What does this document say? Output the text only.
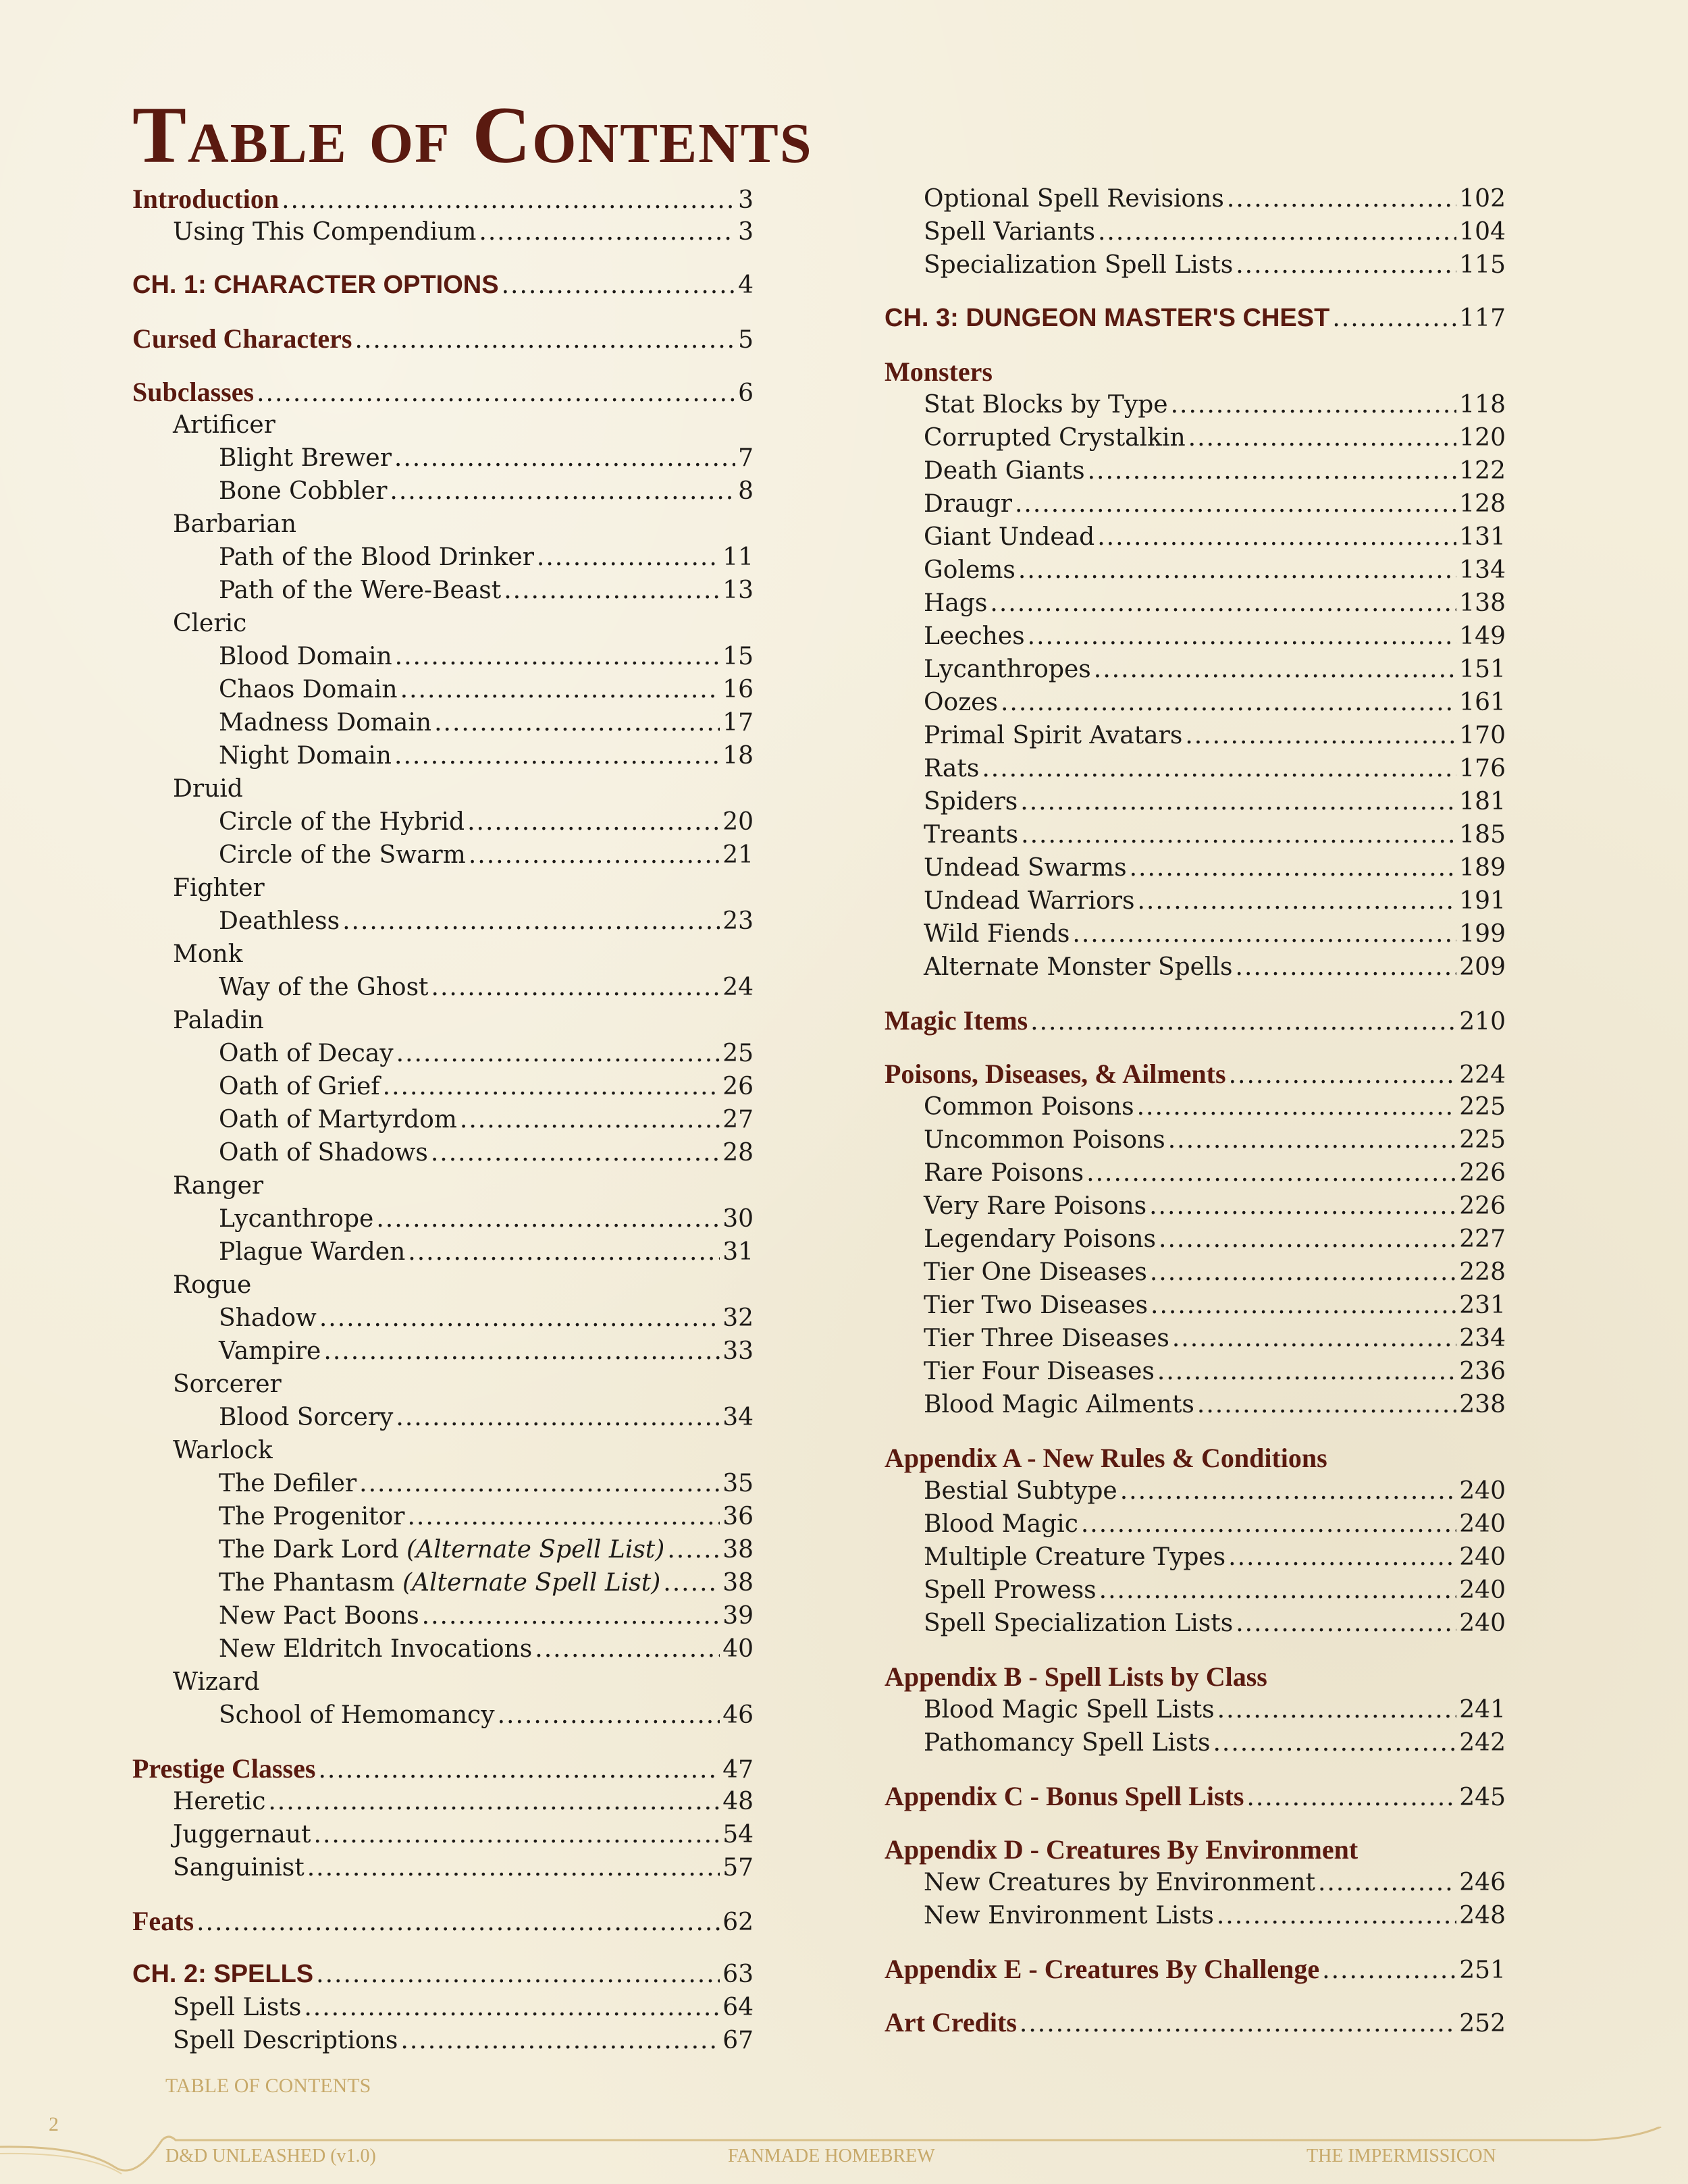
Table of Contents
Introduction .....	3
Using This Compendium .....	3
CH. 1: CHARACTER OPTIONS .....	4
Cursed Characters .....	5
Subclasses .....	6
Artificer
Blight Brewer .....	7
Bone Cobbler .....	8
Barbarian
Path of the Blood Drinker .....	11
Path of the Were-Beast .....	13
Cleric
Blood Domain .....	15
Chaos Domain .....	16
Madness Domain .....	17
Night Domain .....	18
Druid
Circle of the Hybrid .....	20
Circle of the Swarm .....	21
Fighter
Deathless .....	23
Monk
Way of the Ghost .....	24
Paladin
Oath of Decay .....	25
Oath of Grief .....	26
Oath of Martyrdom .....	27
Oath of Shadows .....	28
Ranger
Lycanthrope .....	30
Plague Warden .....	31
Rogue
Shadow .....	32
Vampire .....	33
Sorcerer
Blood Sorcery .....	34
Warlock
The Defiler .....	35
The Progenitor .....	36
The Dark Lord (Alternate Spell List) ..... 38
The Phantasm (Alternate Spell List) .....	38
New Pact Boons .....	39
New Eldritch Invocations .....	40
Wizard
School of Hemomancy .....	46
Prestige Classes .....	47
Heretic .....	48
Juggernaut .....	54
Sanguinist .....	57
Feats .....	62
CH. 2: SPELLS .....	63
Spell Lists .....	64
Spell Descriptions .....	67
Optional Spell Revisions .....	102
Spell Variants .....	104
Specialization Spell Lists .....	115
CH. 3: DUNGEON MASTER'S CHEST .....	117
Monsters
Stat Blocks by Type .....	118
Corrupted Crystalkin .....	120
Death Giants .....	122
Draugr .....	128
Giant Undead .....	131
Golems .....	134
Hags .....	138
Leeches .....	149
Lycanthropes .....	151
Oozes .....	161
Primal Spirit Avatars .....	170
Rats .....	176
Spiders .....	181
Treants .....	185
Undead Swarms .....	189
Undead Warriors .....	191
Wild Fiends .....	199
Alternate Monster Spells .....	209
Magic Items .....	210
Poisons, Diseases, & Ailments .....	224
Common Poisons .....	225
Uncommon Poisons .....	225
Rare Poisons .....	226
Very Rare Poisons .....	226
Legendary Poisons .....	227
Tier One Diseases .....	228
Tier Two Diseases .....	231
Tier Three Diseases .....	234
Tier Four Diseases .....	236
Blood Magic Ailments .....	238
Appendix A - New Rules & Conditions
Bestial Subtype .....	240
Blood Magic .....	240
Multiple Creature Types .....	240
Spell Prowess .....	240
Spell Specialization Lists .....	240
Appendix B - Spell Lists by Class
Blood Magic Spell Lists .....	241
Pathomancy Spell Lists .....	242
Appendix C - Bonus Spell Lists .....	245
Appendix D - Creatures By Environment
New Creatures by Environment .....	246
New Environment Lists .....	248
Appendix E - Creatures By Challenge .....	251
Art Credits .....	252
TABLE OF CONTENTS
2
D&D UNLEASHED (v1.0)	FANMADE HOMEBREW	THE IMPERMISSICON
